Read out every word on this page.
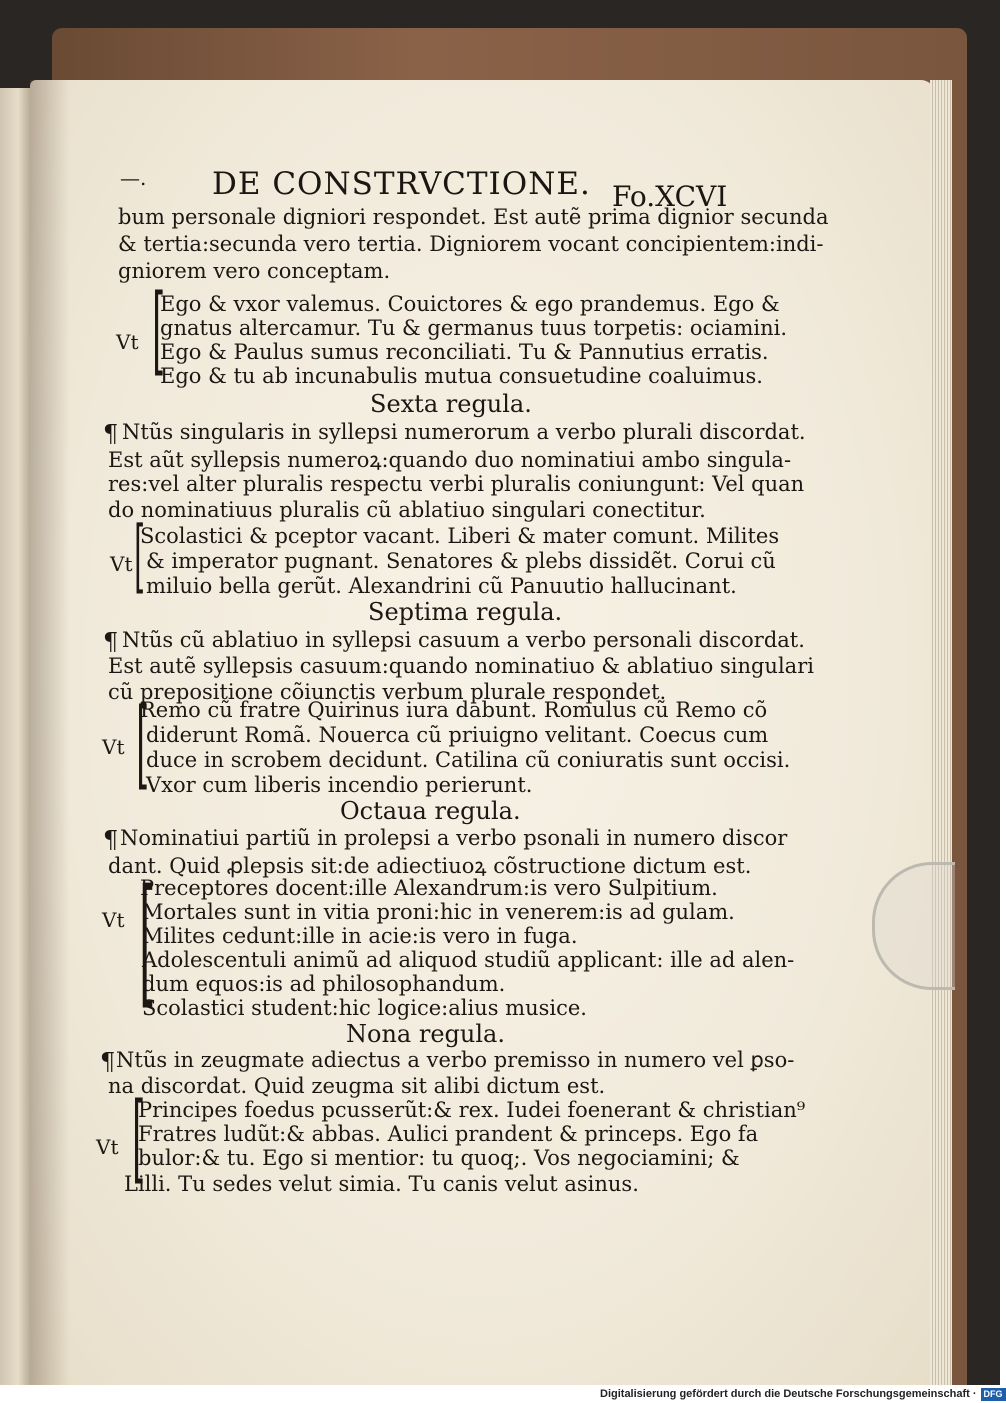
—. DE CONSTRVCTIONE. Fo.XCVI
bum personale digniori respondet. Est autẽ prima dignior secunda
& tertia:secunda vero tertia. Digniorem vocant concipientem:indi-
gniorem vero conceptam.
[
Vt
Ego & vxor valemus. Couictores & ego prandemus. Ego &
gnatus altercamur. Tu & germanus tuus torpetis: ociamini.
Ego & Paulus sumus reconciliati. Tu & Pannutius erratis.
Ego & tu ab incunabulis mutua consuetudine coaluimus.
Sexta regula.
¶ Ntũs singularis in syllepsi numerorum a verbo plurali discordat.
Est aũt syllepsis numeroꝝ:quando duo nominatiui ambo singula-
res:vel alter pluralis respectu verbi pluralis coniungunt: Vel quan
do nominatiuus pluralis cũ ablatiuo singulari conectitur.
[
Vt
Scolastici & pceptor vacant. Liberi & mater comunt. Milites
& imperator pugnant. Senatores & plebs dissidẽt. Corui cũ
miluio bella gerũt. Alexandrini cũ Panuutio hallucinant.
Septima regula.
¶ Ntũs cũ ablatiuo in syllepsi casuum a verbo personali discordat.
Est autẽ syllepsis casuum:quando nominatiuo & ablatiuo singulari
cũ prepositione cõiunctis verbum plurale respondet.
[
Vt
Remo cũ fratre Quirinus iura dabunt. Romulus cũ Remo cõ
diderunt Romã. Nouerca cũ priuigno velitant. Coecus cum
duce in scrobem decidunt. Catilina cũ coniuratis sunt occisi.
Vxor cum liberis incendio perierunt.
Octaua regula.
¶ Nominatiui partiũ in prolepsi a verbo psonali in numero discor
dant. Quid ꝓlepsis sit:de adiectiuoꝝ cõstructione dictum est.
[
Vt
Preceptores docent:ille Alexandrum:is vero Sulpitium.
Mortales sunt in vitia proni:hic in venerem:is ad gulam.
Milites cedunt:ille in acie:is vero in fuga.
Adolescentuli animũ ad aliquod studiũ applicant: ille ad alen-
dum equos:is ad philosophandum.
Scolastici student:hic logice:alius musice.
Nona regula.
¶ Ntũs in zeugmate adiectus a verbo premisso in numero vel ꝑso-
na discordat. Quid zeugma sit alibi dictum est.
[
Vt
Principes foedus pcusserũt:& rex. Iudei foenerant & christian⁹
Fratres ludũt:& abbas. Aulici prandent & princeps. Ego fa
bulor:& tu. Ego si mentior: tu quoq;. Vos negociamini; &
Lilli. Tu sedes velut simia. Tu canis velut asinus.
Digitalisierung gefördert durch die Deutsche Forschungsgemeinschaft · DFG
